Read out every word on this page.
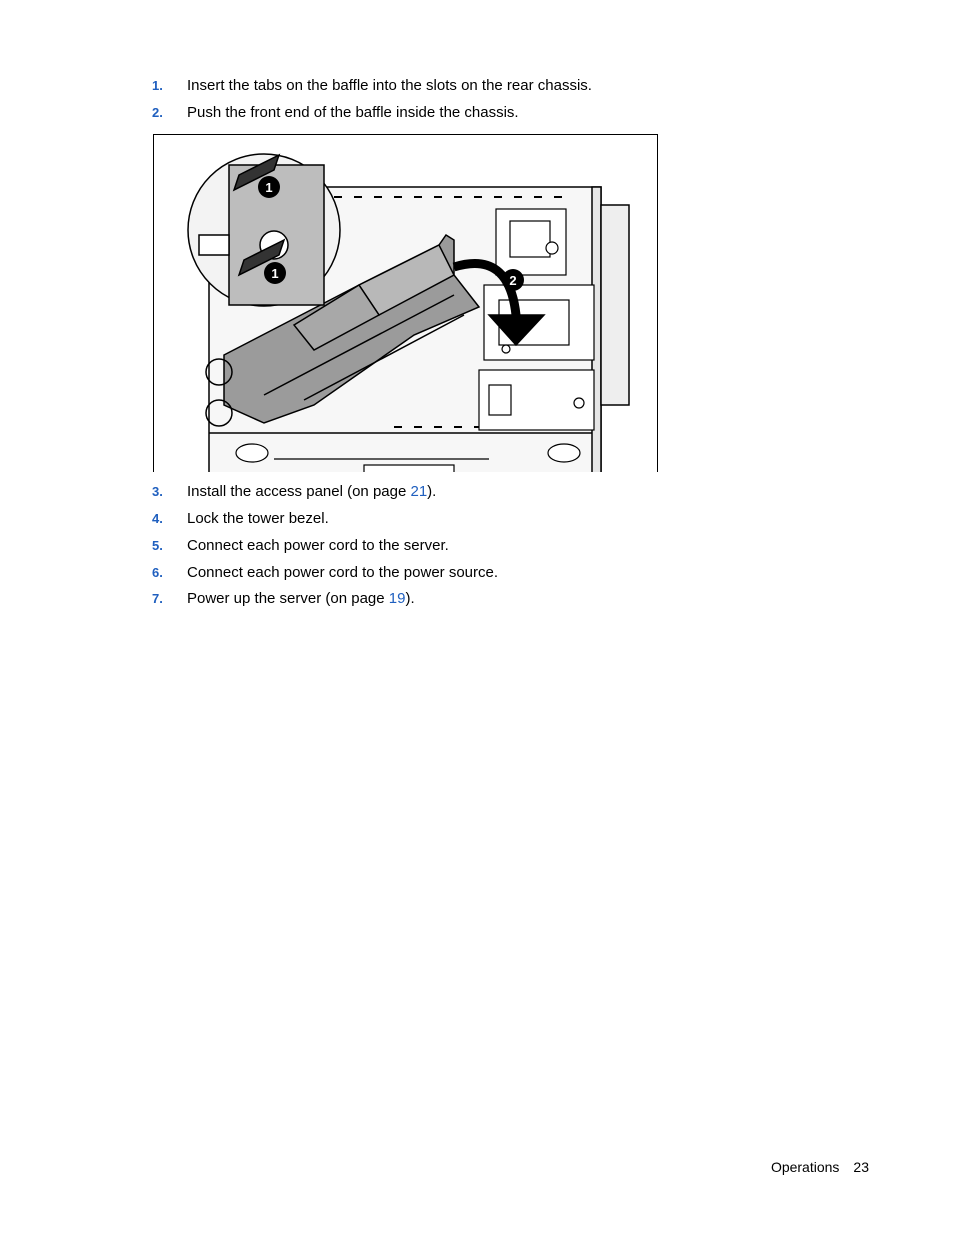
1. Insert the tabs on the baffle into the slots on the rear chassis.
2. Push the front end of the baffle inside the chassis.
3. Install the access panel (on page 21).
4. Lock the tower bezel.
5. Connect each power cord to the server.
6. Connect each power cord to the power source.
7. Power up the server (on page 19).
1
1	2
Operations 23
